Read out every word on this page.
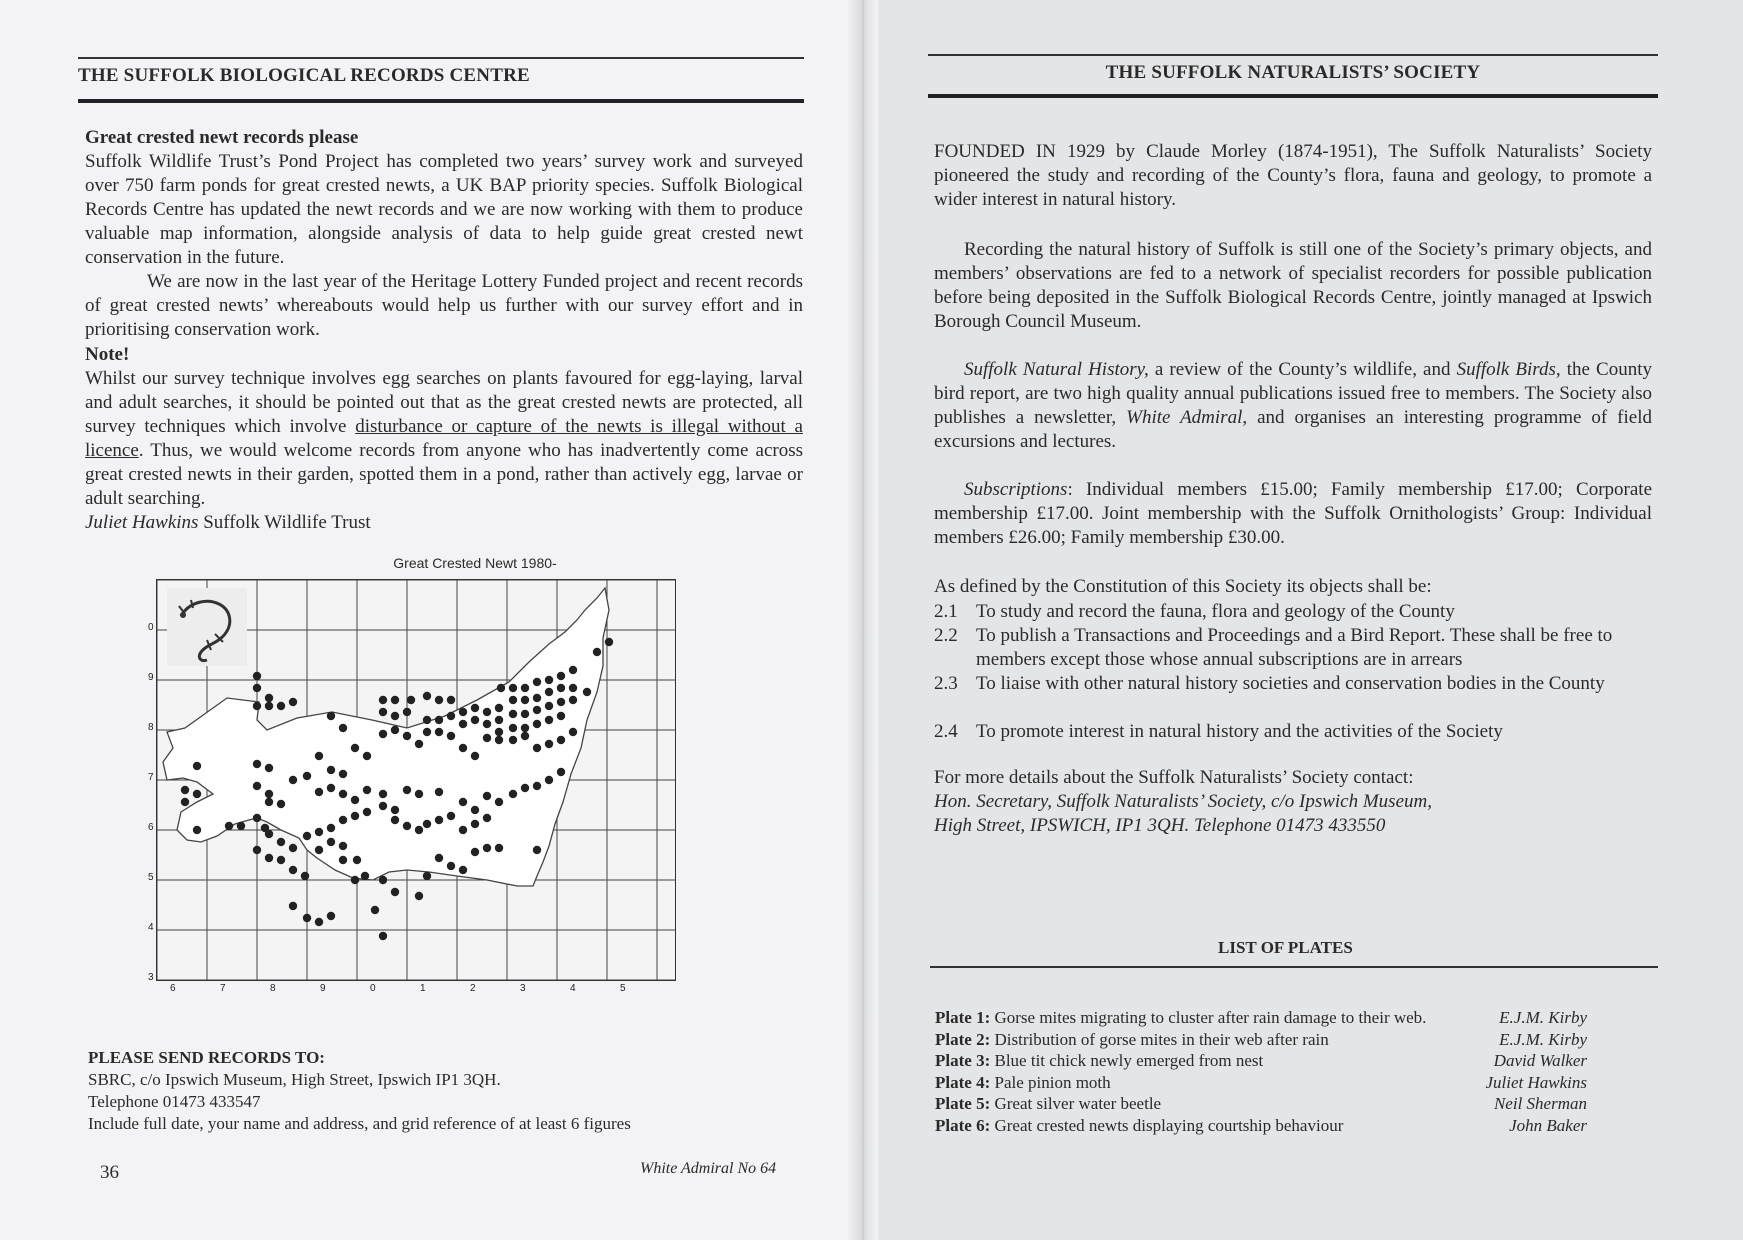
THE SUFFOLK BIOLOGICAL RECORDS CENTRE
Great crested newt records please
Suffolk Wildlife Trust’s Pond Project has completed two years’ survey work and surveyed over 750 farm ponds for great crested newts, a UK BAP priority species. Suffolk Biological Records Centre has updated the newt records and we are now working with them to produce valuable map information, alongside analysis of data to help guide great crested newt conservation in the future.
We are now in the last year of the Heritage Lottery Funded project and recent records of great crested newts’ whereabouts would help us further with our survey effort and in prioritising conservation work.
Note!
Whilst our survey technique involves egg searches on plants favoured for egg-laying, larval and adult searches, it should be pointed out that as the great crested newts are protected, all survey techniques which involve disturbance or capture of the newts is illegal without a licence. Thus, we would welcome records from anyone who has inadvertently come across great crested newts in their garden, spotted them in a pond, rather than actively egg, larvae or adult searching.
Juliet Hawkins Suffolk Wildlife Trust
Great Crested Newt 1980-
0
9
8
7
6
5
4
3
6	7	8	9	0	1	2	3	4	5
PLEASE SEND RECORDS TO:
SBRC, c/o Ipswich Museum, High Street, Ipswich IP1 3QH.
Telephone 01473 433547
Include full date, your name and address, and grid reference of at least 6 figures
36	White Admiral No 64
THE SUFFOLK NATURALISTS’ SOCIETY
FOUNDED IN 1929 by Claude Morley (1874-1951), The Suffolk Naturalists’ Society pioneered the study and recording of the County’s flora, fauna and geology, to promote a wider interest in natural history.
Recording the natural history of Suffolk is still one of the Society’s primary objects, and members’ observations are fed to a network of specialist recorders for possible publication before being deposited in the Suffolk Biological Records Centre, jointly managed at Ipswich Borough Council Museum.
Suffolk Natural History, a review of the County’s wildlife, and Suffolk Birds, the County bird report, are two high quality annual publications issued free to members. The Society also publishes a newsletter, White Admiral, and organises an interesting programme of field excursions and lectures.
Subscriptions: Individual members £15.00; Family membership £17.00; Corporate membership £17.00. Joint membership with the Suffolk Ornithologists’ Group: Individual members £26.00; Family membership £30.00.
As defined by the Constitution of this Society its objects shall be:
2.1 To study and record the fauna, flora and geology of the County
2.2 To publish a Transactions and Proceedings and a Bird Report. These shall be free to members except those whose annual subscriptions are in arrears
2.3 To liaise with other natural history societies and conservation bodies in the County
2.4 To promote interest in natural history and the activities of the Society
For more details about the Suffolk Naturalists’ Society contact:
Hon. Secretary, Suffolk Naturalists’ Society, c/o Ipswich Museum,
High Street, IPSWICH, IP1 3QH. Telephone 01473 433550
LIST OF PLATES
Plate 1: Gorse mites migrating to cluster after rain damage to their web.	E.J.M. Kirby
Plate 2: Distribution of gorse mites in their web after rain	E.J.M. Kirby
Plate 3: Blue tit chick newly emerged from nest	David Walker
Plate 4: Pale pinion moth	Juliet Hawkins
Plate 5: Great silver water beetle	Neil Sherman
Plate 6: Great crested newts displaying courtship behaviour	John Baker
